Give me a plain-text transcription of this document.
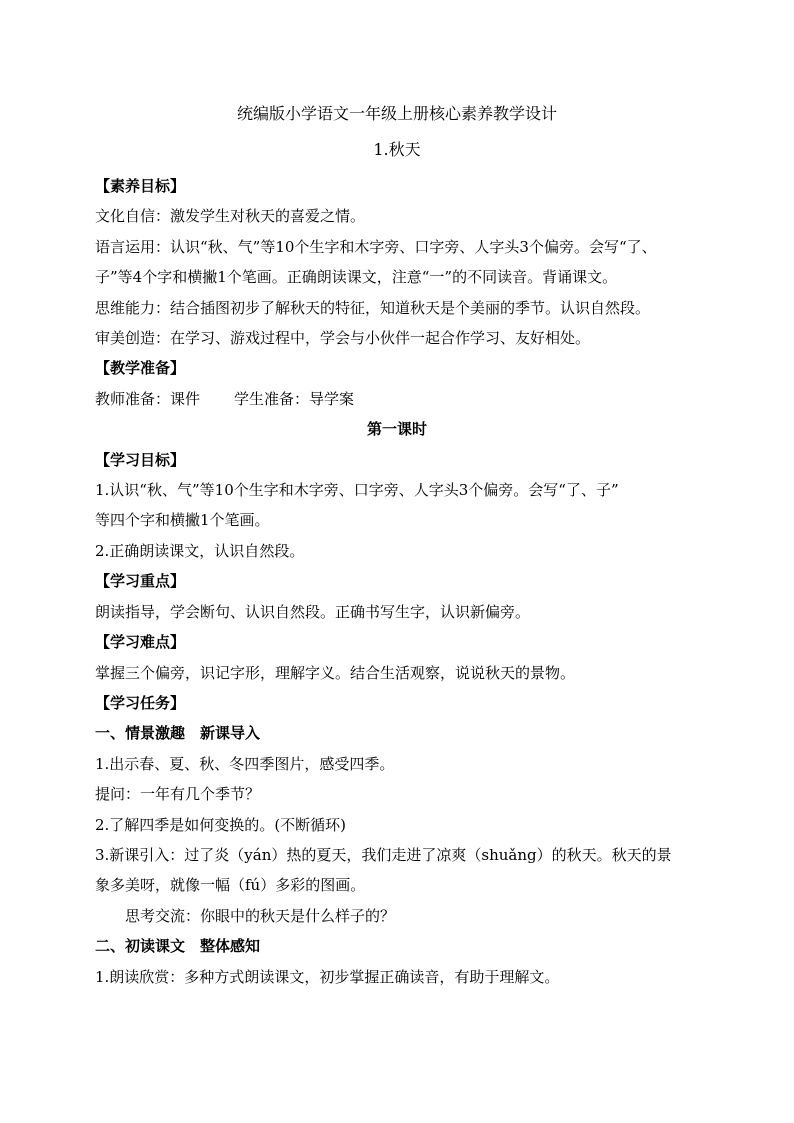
统编版小学语文一年级上册核心素养教学设计
1.秋天
【素养目标】
文化自信：激发学生对秋天的喜爱之情。
语言运用：认识“秋、气”等10个生字和木字旁、口字旁、人字头3个偏旁。会写“了、
子”等4个字和横撇1个笔画。正确朗读课文，注意“一”的不同读音。背诵课文。
思维能力：结合插图初步了解秋天的特征，知道秋天是个美丽的季节。认识自然段。
审美创造：在学习、游戏过程中，学会与小伙伴一起合作学习、友好相处。
【教学准备】
教师准备：课件 学生准备：导学案
第一课时
【学习目标】
1.认识“秋、气”等10个生字和木字旁、口字旁、人字头3个偏旁。会写“了、子”
等四个字和横撇1个笔画。
2.正确朗读课文，认识自然段。
【学习重点】
朗读指导，学会断句、认识自然段。正确书写生字，认识新偏旁。
【学习难点】
掌握三个偏旁，识记字形，理解字义。结合生活观察，说说秋天的景物。
【学习任务】
一、情景激趣　新课导入
1.出示春、夏、秋、冬四季图片，感受四季。
提问：一年有几个季节？
2.了解四季是如何变换的。(不断循环)
3.新课引入：过了炎（yán）热的夏天，我们走进了凉爽（shuǎng）的秋天。秋天的景
象多美呀，就像一幅（fú）多彩的图画。
思考交流：你眼中的秋天是什么样子的？
二、初读课文　整体感知
1.朗读欣赏：多种方式朗读课文，初步掌握正确读音，有助于理解文。
